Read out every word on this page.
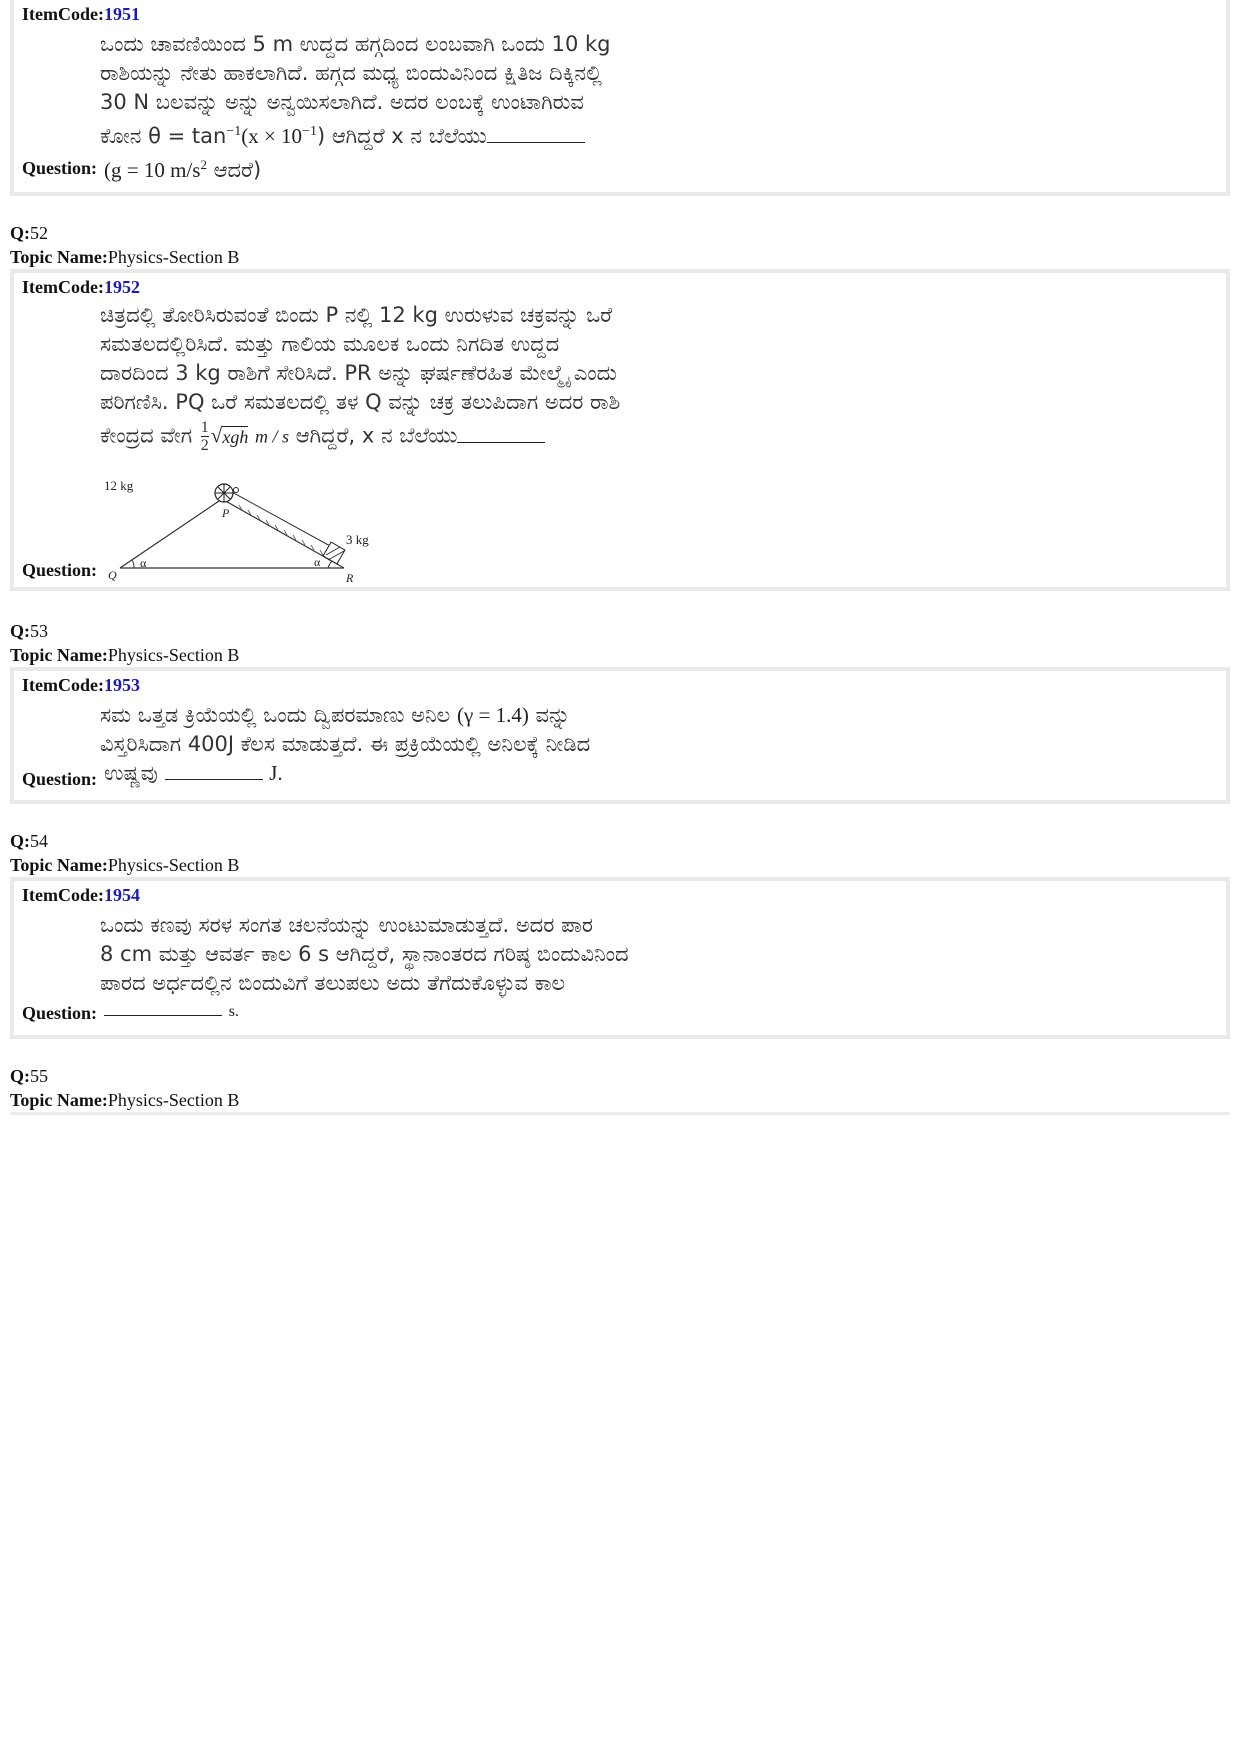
ItemCode:1951
ಒಂದು ಚಾವಣಿಯಿಂದ 5 m ಉದ್ದದ ಹಗ್ಗದಿಂದ ಲಂಬವಾಗಿ ಒಂದು 10 kg
ರಾಶಿಯನ್ನು ನೇತು ಹಾಕಲಾಗಿದೆ. ಹಗ್ಗದ ಮಧ್ಯ ಬಿಂದುವಿನಿಂದ ಕ್ಷಿತಿಜ ದಿಕ್ಕಿನಲ್ಲಿ
30 N ಬಲವನ್ನು ಅನ್ನು ಅನ್ವಯಿಸಲಾಗಿದೆ. ಅದರ ಲಂಬಕ್ಕೆ ಉಂಟಾಗಿರುವ
ಕೋನ $\theta = \tan^{-1}(x \times 10^{-1})$ ಆಗಿದ್ದರೆ x ನ ಬೆಲೆಯು
Question: (g = 10 $m/s^2$ ಆದರೆ)
Q:52
Topic Name:Physics-Section B
ItemCode:1952
ಚಿತ್ರದಲ್ಲಿ ತೋರಿಸಿರುವಂತೆ ಬಿಂದು P ನಲ್ಲಿ 12 kg ಉರುಳುವ ಚಕ್ರವನ್ನು ಒರೆ
ಸಮತಲದಲ್ಲಿರಿಸಿದೆ. ಮತ್ತು ಗಾಲಿಯ ಮೂಲಕ ಒಂದು ನಿಗದಿತ ಉದ್ದದ
ದಾರದಿಂದ 3 kg ರಾಶಿಗೆ ಸೇರಿಸಿದೆ. PR ಅನ್ನು ಘರ್ಷಣೆರಹಿತ ಮೇಲ್ಮೈ ಎಂದು
ಪರಿಗಣಿಸಿ. PQ ಒರೆ ಸಮತಲದಲ್ಲಿ ತಳ Q ವನ್ನು ಚಕ್ರ ತಲುಪಿದಾಗ ಅದರ ರಾಶಿ
ಕೇಂದ್ರದ ವೇಗ $\frac{1}{2} √xgh$ m / s ಆಗಿದ್ದರೆ, x ನ ಬೆಲೆಯು
12 kg
3 kg
P
Q	R
α	α
Question:
Q:53
Topic Name:Physics-Section B
ItemCode:1953
ಸಮ ಒತ್ತಡ ಕ್ರಿಯೆಯಲ್ಲಿ ಒಂದು ದ್ವಿಪರಮಾಣು ಅನಿಲ (γ = 1.4) ವನ್ನು
ವಿಸ್ತರಿಸಿದಾಗ 400J ಕೆಲಸ ಮಾಡುತ್ತದೆ. ಈ ಪ್ರಕ್ರಿಯೆಯಲ್ಲಿ ಅನಿಲಕ್ಕೆ ನೀಡಿದ
Question: ಉಷ್ಣವು	J.
Q:54
Topic Name:Physics-Section B
ItemCode:1954
ಒಂದು ಕಣವು ಸರಳ ಸಂಗತ ಚಲನೆಯನ್ನು ಉಂಟುಮಾಡುತ್ತದೆ. ಅದರ ಪಾರ
8 cm ಮತ್ತು ಆವರ್ತ ಕಾಲ 6 s ಆಗಿದ್ದರೆ, ಸ್ಥಾನಾಂತರದ ಗರಿಷ್ಠ ಬಿಂದುವಿನಿಂದ
ಪಾರದ ಅರ್ಧದಲ್ಲಿನ ಬಿಂದುವಿಗೆ ತಲುಪಲು ಅದು ತೆಗೆದುಕೊಳ್ಳುವ ಕಾಲ
Question:	s.
Q:55
Topic Name:Physics-Section B
